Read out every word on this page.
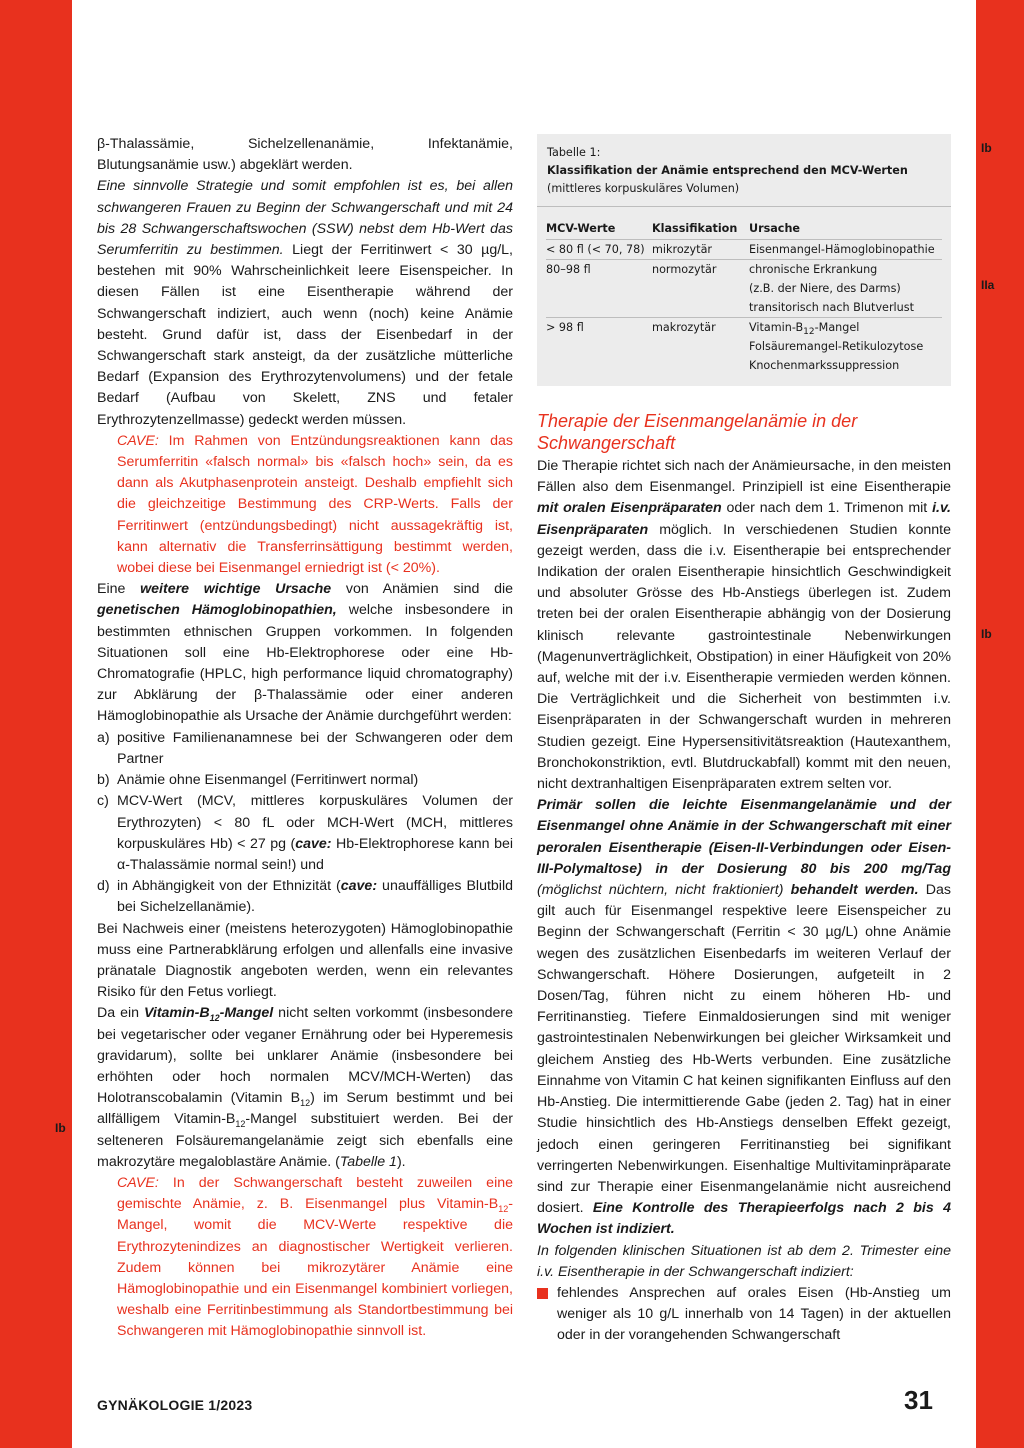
Ib
IIa
Ib
Ib

β-Thalassämie, Sichelzellenanämie, Infektanämie, Blutungsanämie usw.) abgeklärt werden.

Eine sinnvolle Strategie und somit empfohlen ist es, bei allen schwangeren Frauen zu Beginn der Schwangerschaft und mit 24 bis 28 Schwangerschaftswochen (SSW) nebst dem Hb-Wert das Serumferritin zu bestimmen. Liegt der Ferritinwert < 30 µg/L, bestehen mit 90% Wahrscheinlichkeit leere Eisenspeicher. In diesen Fällen ist eine Eisentherapie während der Schwangerschaft indiziert, auch wenn (noch) keine Anämie besteht. Grund dafür ist, dass der Eisenbedarf in der Schwangerschaft stark ansteigt, da der zusätzliche mütterliche Bedarf (Expansion des Erythrozytenvolumens) und der fetale Bedarf (Aufbau von Skelett, ZNS und fetaler Erythrozytenzellmasse) gedeckt werden müssen.

CAVE: Im Rahmen von Entzündungsreaktionen kann das Serumferritin «falsch normal» bis «falsch hoch» sein, da es dann als Akutphasenprotein ansteigt. Deshalb empfiehlt sich die gleichzeitige Bestimmung des CRP-Werts. Falls der Ferritinwert (entzündungsbedingt) nicht aussagekräftig ist, kann alternativ die Transferrinsättigung bestimmt werden, wobei diese bei Eisenmangel erniedrigt ist (< 20%).

Eine weitere wichtige Ursache von Anämien sind die genetischen Hämoglobinopathien, welche insbesondere in bestimmten ethnischen Gruppen vorkommen. In folgenden Situationen soll eine Hb-Elektrophorese oder eine Hb-Chromatografie (HPLC, high performance liquid chromatography) zur Abklärung der β-Thalassämie oder einer anderen Hämoglobinopathie als Ursache der Anämie durchgeführt werden:

a) positive Familienanamnese bei der Schwangeren oder dem Partner
b) Anämie ohne Eisenmangel (Ferritinwert normal)
c) MCV-Wert (MCV, mittleres korpuskuläres Volumen der Erythrozyten) < 80 fL oder MCH-Wert (MCH, mittleres korpuskuläres Hb) < 27 pg (cave: Hb-Elektrophorese kann bei α-Thalassämie normal sein!) und
d) in Abhängigkeit von der Ethnizität (cave: unauffälliges Blutbild bei Sichelzellanämie).

Bei Nachweis einer (meistens heterozygoten) Hämoglobinopathie muss eine Partnerabklärung erfolgen und allenfalls eine invasive pränatale Diagnostik angeboten werden, wenn ein relevantes Risiko für den Fetus vorliegt.

Da ein Vitamin-$B_{12}$-Mangel nicht selten vorkommt (insbesondere bei vegetarischer oder veganer Ernährung oder bei Hyperemesis gravidarum), sollte bei unklarer Anämie (insbesondere bei erhöhten oder hoch normalen MCV/MCH-Werten) das Holotranscobalamin (Vitamin $B_{12}$) im Serum bestimmt und bei allfälligem Vitamin-$B_{12}$-Mangel substituiert werden. Bei der selteneren Folsäuremangelanämie zeigt sich ebenfalls eine makrozytäre megaloblastäre Anämie. (Tabelle 1).

CAVE: In der Schwangerschaft besteht zuweilen eine gemischte Anämie, z. B. Eisenmangel plus Vitamin-$B_{12}$-Mangel, womit die MCV-Werte respektive die Erythrozytenindizes an diagnostischer Wertigkeit verlieren. Zudem können bei mikrozytärer Anämie eine Hämoglobinopathie und ein Eisenmangel kombiniert vorliegen, weshalb eine Ferritinbestimmung als Standortbestimmung bei Schwangeren mit Hämoglobinopathie sinnvoll ist.

Tabelle 1:
Klassifikation der Anämie entsprechend den MCV-Werten
(mittleres korpuskuläres Volumen)
MCV-Werte	Klassifikation	Ursache
< 80 fl (< 70, 78)	mikrozytär	Eisenmangel-Hämoglobinopathie
80–98 fl	normozytär	chronische Erkrankung
(z.B. der Niere, des Darms)
transitorisch nach Blutverlust

> 98 fl	makrozytär	Vitamin-$B_{12}$-Mangel
Folsäuremangel-Retikulozytose
Knochenmarkssuppression
Therapie der Eisenmangelanämie in der Schwangerschaft

Die Therapie richtet sich nach der Anämieursache, in den meisten Fällen also dem Eisenmangel. Prinzipiell ist eine Eisentherapie mit oralen Eisenpräparaten oder nach dem 1. Trimenon mit i.v. Eisenpräparaten möglich. In verschiedenen Studien konnte gezeigt werden, dass die i.v. Eisentherapie bei entsprechender Indikation der oralen Eisentherapie hinsichtlich Geschwindigkeit und absoluter Grösse des Hb-Anstiegs überlegen ist. Zudem treten bei der oralen Eisentherapie abhängig von der Dosierung klinisch relevante gastrointestinale Nebenwirkungen (Magenunverträglichkeit, Obstipation) in einer Häufigkeit von 20% auf, welche mit der i.v. Eisentherapie vermieden werden können. Die Verträglichkeit und die Sicherheit von bestimmten i.v. Eisenpräparaten in der Schwangerschaft wurden in mehreren Studien gezeigt. Eine Hypersensitivitätsreaktion (Hautexanthem, Bronchokonstriktion, evtl. Blutdruckabfall) kommt mit den neuen, nicht dextranhaltigen Eisenpräparaten extrem selten vor.

Primär sollen die leichte Eisenmangelanämie und der Eisenmangel ohne Anämie in der Schwangerschaft mit einer peroralen Eisentherapie (Eisen-II-Verbindungen oder Eisen-III-Polymaltose) in der Dosierung 80 bis 200 mg/Tag (möglichst nüchtern, nicht fraktioniert) behandelt werden. Das gilt auch für Eisenmangel respektive leere Eisenspeicher zu Beginn der Schwangerschaft (Ferritin < 30 µg/L) ohne Anämie wegen des zusätzlichen Eisenbedarfs im weiteren Verlauf der Schwangerschaft. Höhere Dosierungen, aufgeteilt in 2 Dosen/Tag, führen nicht zu einem höheren Hb- und Ferritinanstieg. Tiefere Einmaldosierungen sind mit weniger gastrointestinalen Nebenwirkungen bei gleicher Wirksamkeit und gleichem Anstieg des Hb-Werts verbunden. Eine zusätzliche Einnahme von Vitamin C hat keinen signifikanten Einfluss auf den Hb-Anstieg. Die intermittierende Gabe (jeden 2. Tag) hat in einer Studie hinsichtlich des Hb-Anstiegs denselben Effekt gezeigt, jedoch einen geringeren Ferritinanstieg bei signifikant verringerten Nebenwirkungen. Eisenhaltige Multivitaminpräparate sind zur Therapie einer Eisenmangelanämie nicht ausreichend dosiert. Eine Kontrolle des Therapieerfolgs nach 2 bis 4 Wochen ist indiziert.

In folgenden klinischen Situationen ist ab dem 2. Trimester eine i.v. Eisentherapie in der Schwangerschaft indiziert:

fehlendes Ansprechen auf orales Eisen (Hb-Anstieg um weniger als 10 g/L innerhalb von 14 Tagen) in der aktuellen oder in der vorangehenden Schwangerschaft
GYNÄKOLOGIE 1/2023	31
